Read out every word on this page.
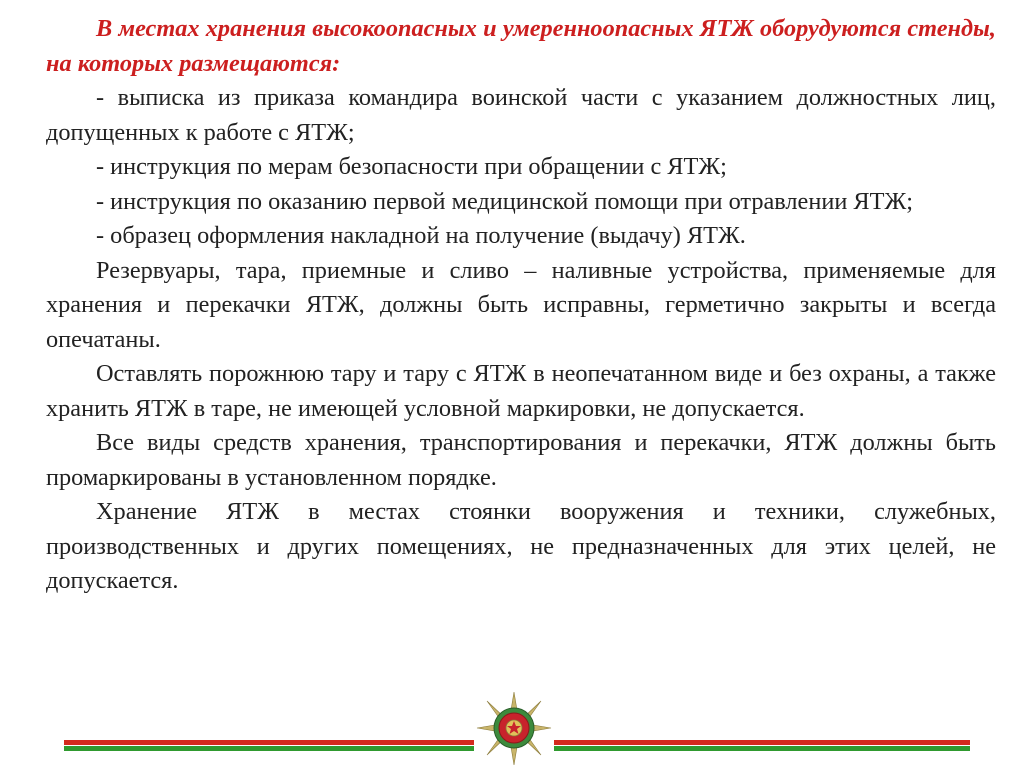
В местах хранения высокоопасных и умеренноопасных ЯТЖ оборудуются стенды, на которых размещаются:

- выписка из приказа командира воинской части с указанием должностных лиц, допущенных к работе с ЯТЖ;

- инструкция по мерам безопасности при обращении с ЯТЖ;

- инструкция по оказанию первой медицинской помощи при отравлении ЯТЖ;

- образец оформления накладной на получение (выдачу) ЯТЖ.

Резервуары, тара, приемные и сливо – наливные устройства, применяемые для хранения и перекачки ЯТЖ, должны быть исправны, герметично закрыты и всегда опечатаны.

Оставлять порожнюю тару и тару с ЯТЖ в неопечатанном виде и без охраны, а также хранить ЯТЖ в таре, не имеющей условной маркировки, не допускается.

Все виды средств хранения, транспортирования и перекачки, ЯТЖ должны быть промаркированы в установленном порядке.

Хранение ЯТЖ в местах стоянки вооружения и техники, служебных, производственных и других помещениях, не предназначенных для этих целей, не допускается.
